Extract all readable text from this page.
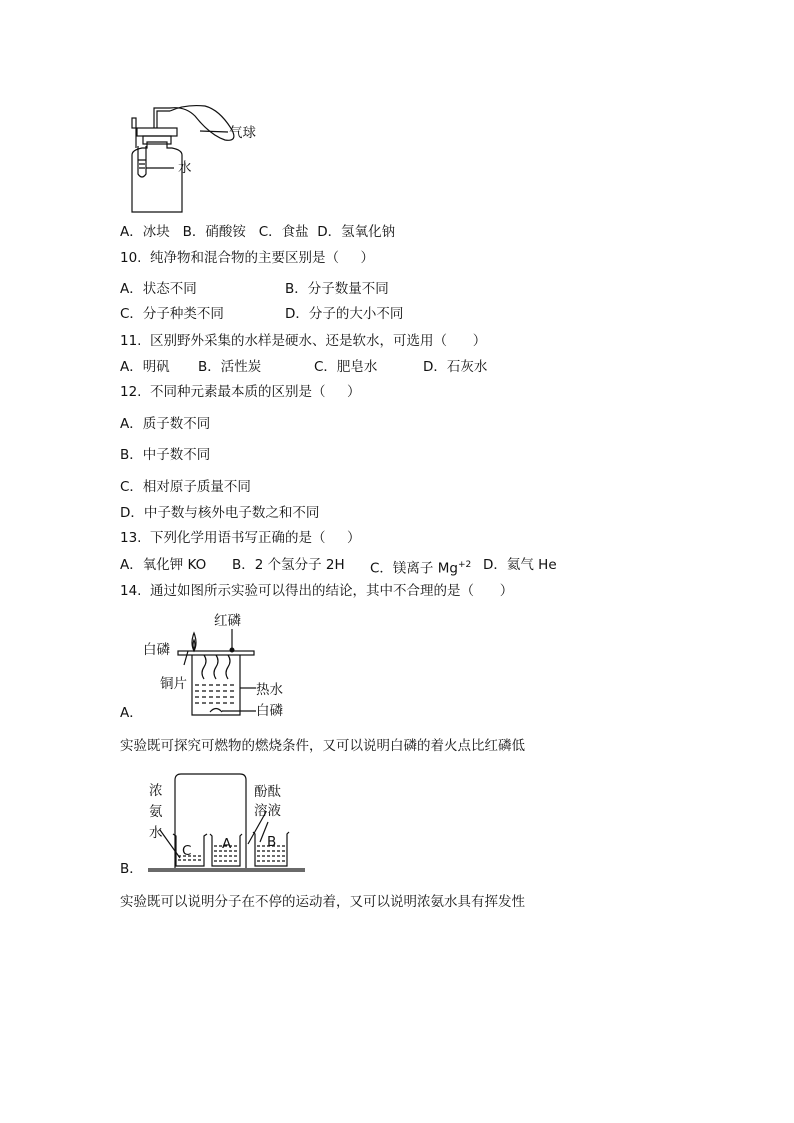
气球
水
A．冰块   B．硝酸铵   C．食盐  D．氢氧化钠
10.  纯净物和混合物的主要区别是（     ）
A．状态不同	B．分子数量不同
C．分子种类不同	D．分子的大小不同
11.  区别野外采集的水样是硬水、还是软水，可选用（      ）
A．明矾 B．活性炭	C．肥皂水	D．石灰水
12.  不同种元素最本质的区别是（     ）
A．质子数不同
B．中子数不同
C．相对原子质量不同
D．中子数与核外电子数之和不同
13.  下列化学用语书写正确的是（     ）
A．氧化钾 KO B．2 个氢分子 2H C．镁离子 $Mg^{+2}$ D．氦气 He
14.  通过如图所示实验可以得出的结论，其中不合理的是（      ）
红磷
白磷
铜片	热水
白磷
A．
实验既可探究可燃物的燃烧条件，又可以说明白磷的着火点比红磷低
浓
氨
水
酚酞
溶液
C A	B
B．
实验既可以说明分子在不停的运动着，又可以说明浓氨水具有挥发性
